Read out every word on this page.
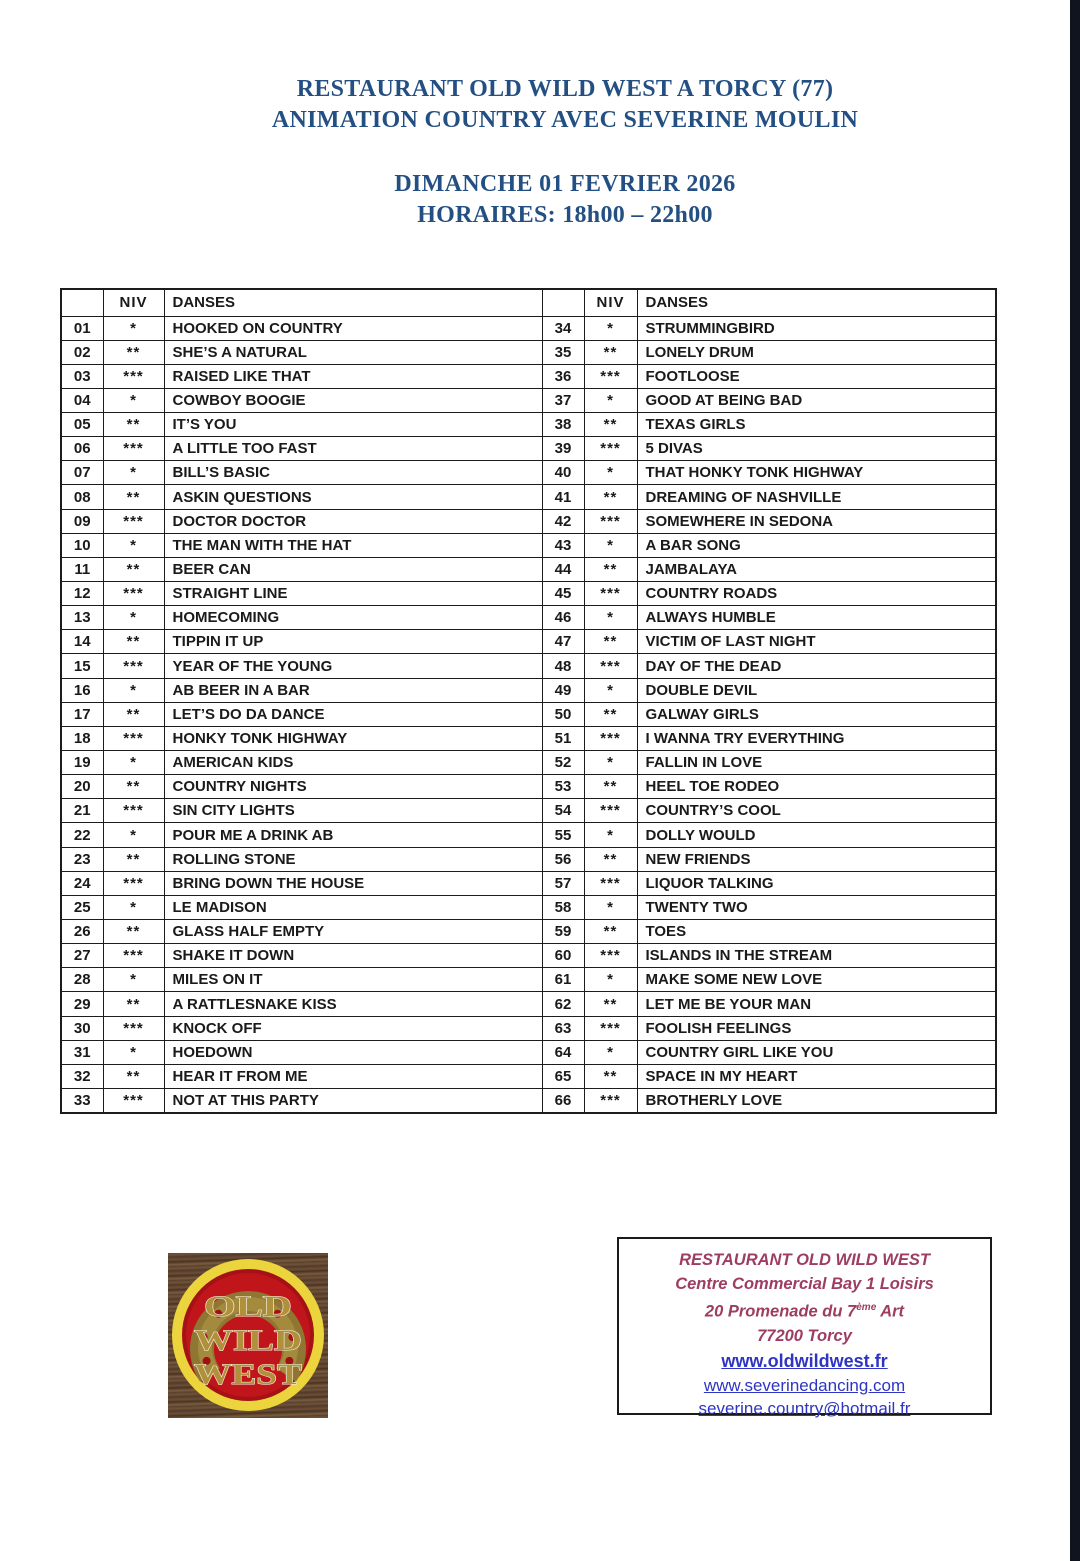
RESTAURANT OLD WILD WEST A TORCY (77)
ANIMATION COUNTRY AVEC SEVERINE MOULIN
DIMANCHE 01 FEVRIER 2026
HORAIRES: 18h00 – 22h00
	NIV	DANSES		NIV	DANSES
01	*	HOOKED ON COUNTRY	34	*	STRUMMINGBIRD
02	**	SHE’S A NATURAL	35	**	LONELY DRUM
03	***	RAISED LIKE THAT	36	***	FOOTLOOSE
04	*	COWBOY BOOGIE	37	*	GOOD AT BEING BAD
05	**	IT’S YOU	38	**	TEXAS GIRLS
06	***	A LITTLE TOO FAST	39	***	5 DIVAS
07	*	BILL’S BASIC	40	*	THAT HONKY TONK HIGHWAY
08	**	ASKIN QUESTIONS	41	**	DREAMING OF NASHVILLE
09	***	DOCTOR DOCTOR	42	***	SOMEWHERE IN SEDONA
10	*	THE MAN WITH THE HAT	43	*	A BAR SONG
11	**	BEER CAN	44	**	JAMBALAYA
12	***	STRAIGHT LINE	45	***	COUNTRY ROADS
13	*	HOMECOMING	46	*	ALWAYS HUMBLE
14	**	TIPPIN IT UP	47	**	VICTIM OF LAST NIGHT
15	***	YEAR OF THE YOUNG	48	***	DAY OF THE DEAD
16	*	AB BEER IN A BAR	49	*	DOUBLE DEVIL
17	**	LET’S DO DA DANCE	50	**	GALWAY GIRLS
18	***	HONKY TONK HIGHWAY	51	***	I WANNA TRY EVERYTHING
19	*	AMERICAN KIDS	52	*	FALLIN IN LOVE
20	**	COUNTRY NIGHTS	53	**	HEEL TOE RODEO
21	***	SIN CITY LIGHTS	54	***	COUNTRY’S COOL
22	*	POUR ME A DRINK AB	55	*	DOLLY WOULD
23	**	ROLLING STONE	56	**	NEW FRIENDS
24	***	BRING DOWN THE HOUSE	57	***	LIQUOR TALKING
25	*	LE MADISON	58	*	TWENTY TWO
26	**	GLASS HALF EMPTY	59	**	TOES
27	***	SHAKE IT DOWN	60	***	ISLANDS IN THE STREAM
28	*	MILES ON IT	61	*	MAKE SOME NEW LOVE
29	**	A RATTLESNAKE KISS	62	**	LET ME BE YOUR MAN
30	***	KNOCK OFF	63	***	FOOLISH FEELINGS
31	*	HOEDOWN	64	*	COUNTRY GIRL LIKE YOU
32	**	HEAR IT FROM ME	65	**	SPACE IN MY HEART
33	***	NOT AT THIS PARTY	66	***	BROTHERLY LOVE
OLD
WILD
WEST
RESTAURANT OLD WILD WEST
Centre Commercial Bay 1 Loisirs
20 Promenade du 7ème Art
77200 Torcy
www.oldwildwest.fr
www.severinedancing.com
severine.country@hotmail.fr
